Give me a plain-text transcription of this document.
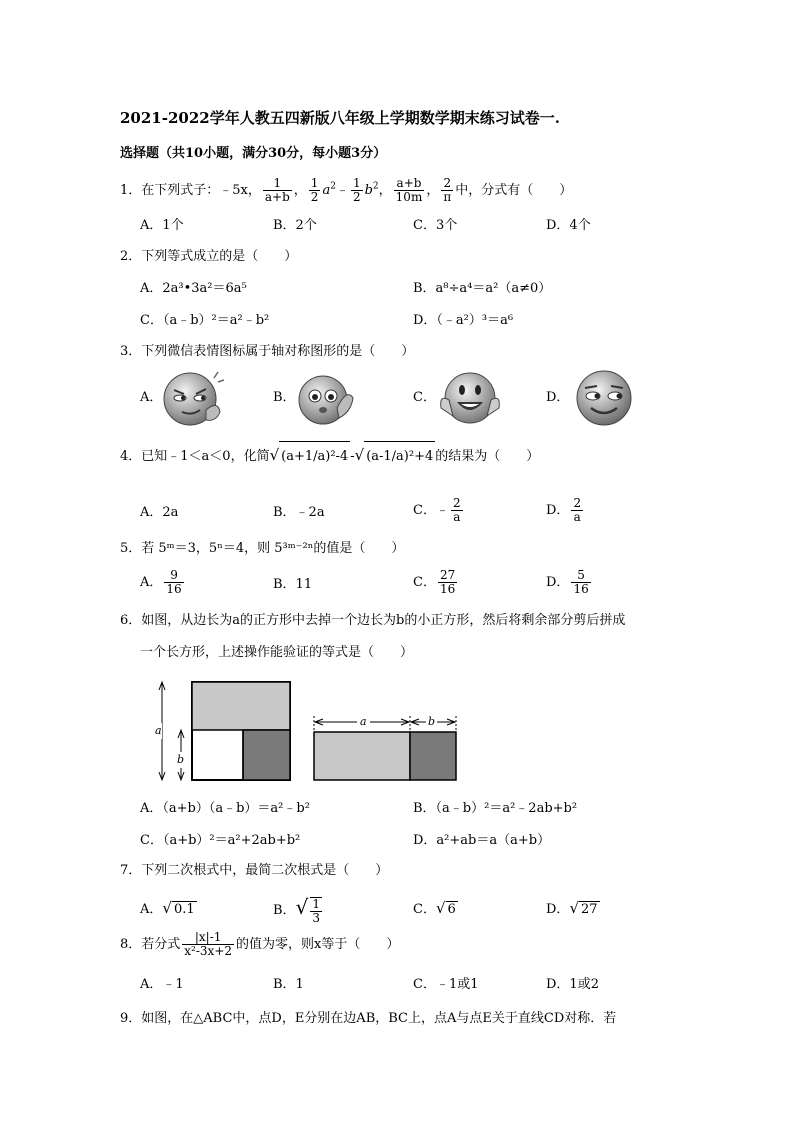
2021-2022学年人教五四新版八年级上学期数学期末练习试卷一.
选择题（共10小题，满分30分，每小题3分）
1．在下列式子：﹣5x， $\frac{1}{a+b}$ ， $\frac{1}{2}$ $a^2﹣ \frac{1}{2} b^2$， $\frac{a+b}{10m}$ ， $\frac{2}{\pi}$ 中，分式有（　　）
A．1个	B．2个	C．3个	D．4个
2．下列等式成立的是（　　）
A．2a³•3a²＝6a⁵	B．a⁸÷a⁴＝a²（a≠0）
C．（a﹣b）²＝a²﹣b²	D．（﹣a²）³＝a⁶
3．下列微信表情图标属于轴对称图形的是（　　）
A．	B．	C．	D．
4．已知﹣1＜a＜0，化简√ (a+1/a)²-4 -√ (a-1/a)²+4 的结果为（　　）
A．2a	B．﹣2a	C．﹣ $\frac{2}{a}$	D． $\frac{2}{a}$
5．若 5ᵐ＝3，5ⁿ＝4，则 5³ᵐ⁻²ⁿ的值是（　　）
A． $\frac{9}{16}$	B．11	C． $\frac{27}{16}$	D． $\frac{5}{16}$
6．如图，从边长为a的正方形中去掉一个边长为b的小正方形，然后将剩余部分剪后拼成
一个长方形，上述操作能验证的等式是（　　）
a
b
a	b
A．（a+b）（a﹣b）＝a²﹣b²	B．（a﹣b）²＝a²﹣2ab+b²
C．（a+b）²＝a²+2ab+b²	D．a²+ab＝a（a+b）
7．下列二次根式中，最简二次根式是（　　）
A．√ 0.1	B．√ $\frac{1}{3}$	C．√ 6	D．√ 27
8．若分式 $\frac{|x|-1}{\text{x²-3x+2}}$ 的值为零，则x等于（　　）
A．﹣1	B．1	C．﹣1或1	D．1或2
9．如图，在△ABC中，点D，E分别在边AB，BC上，点A与点E关于直线CD对称．若
